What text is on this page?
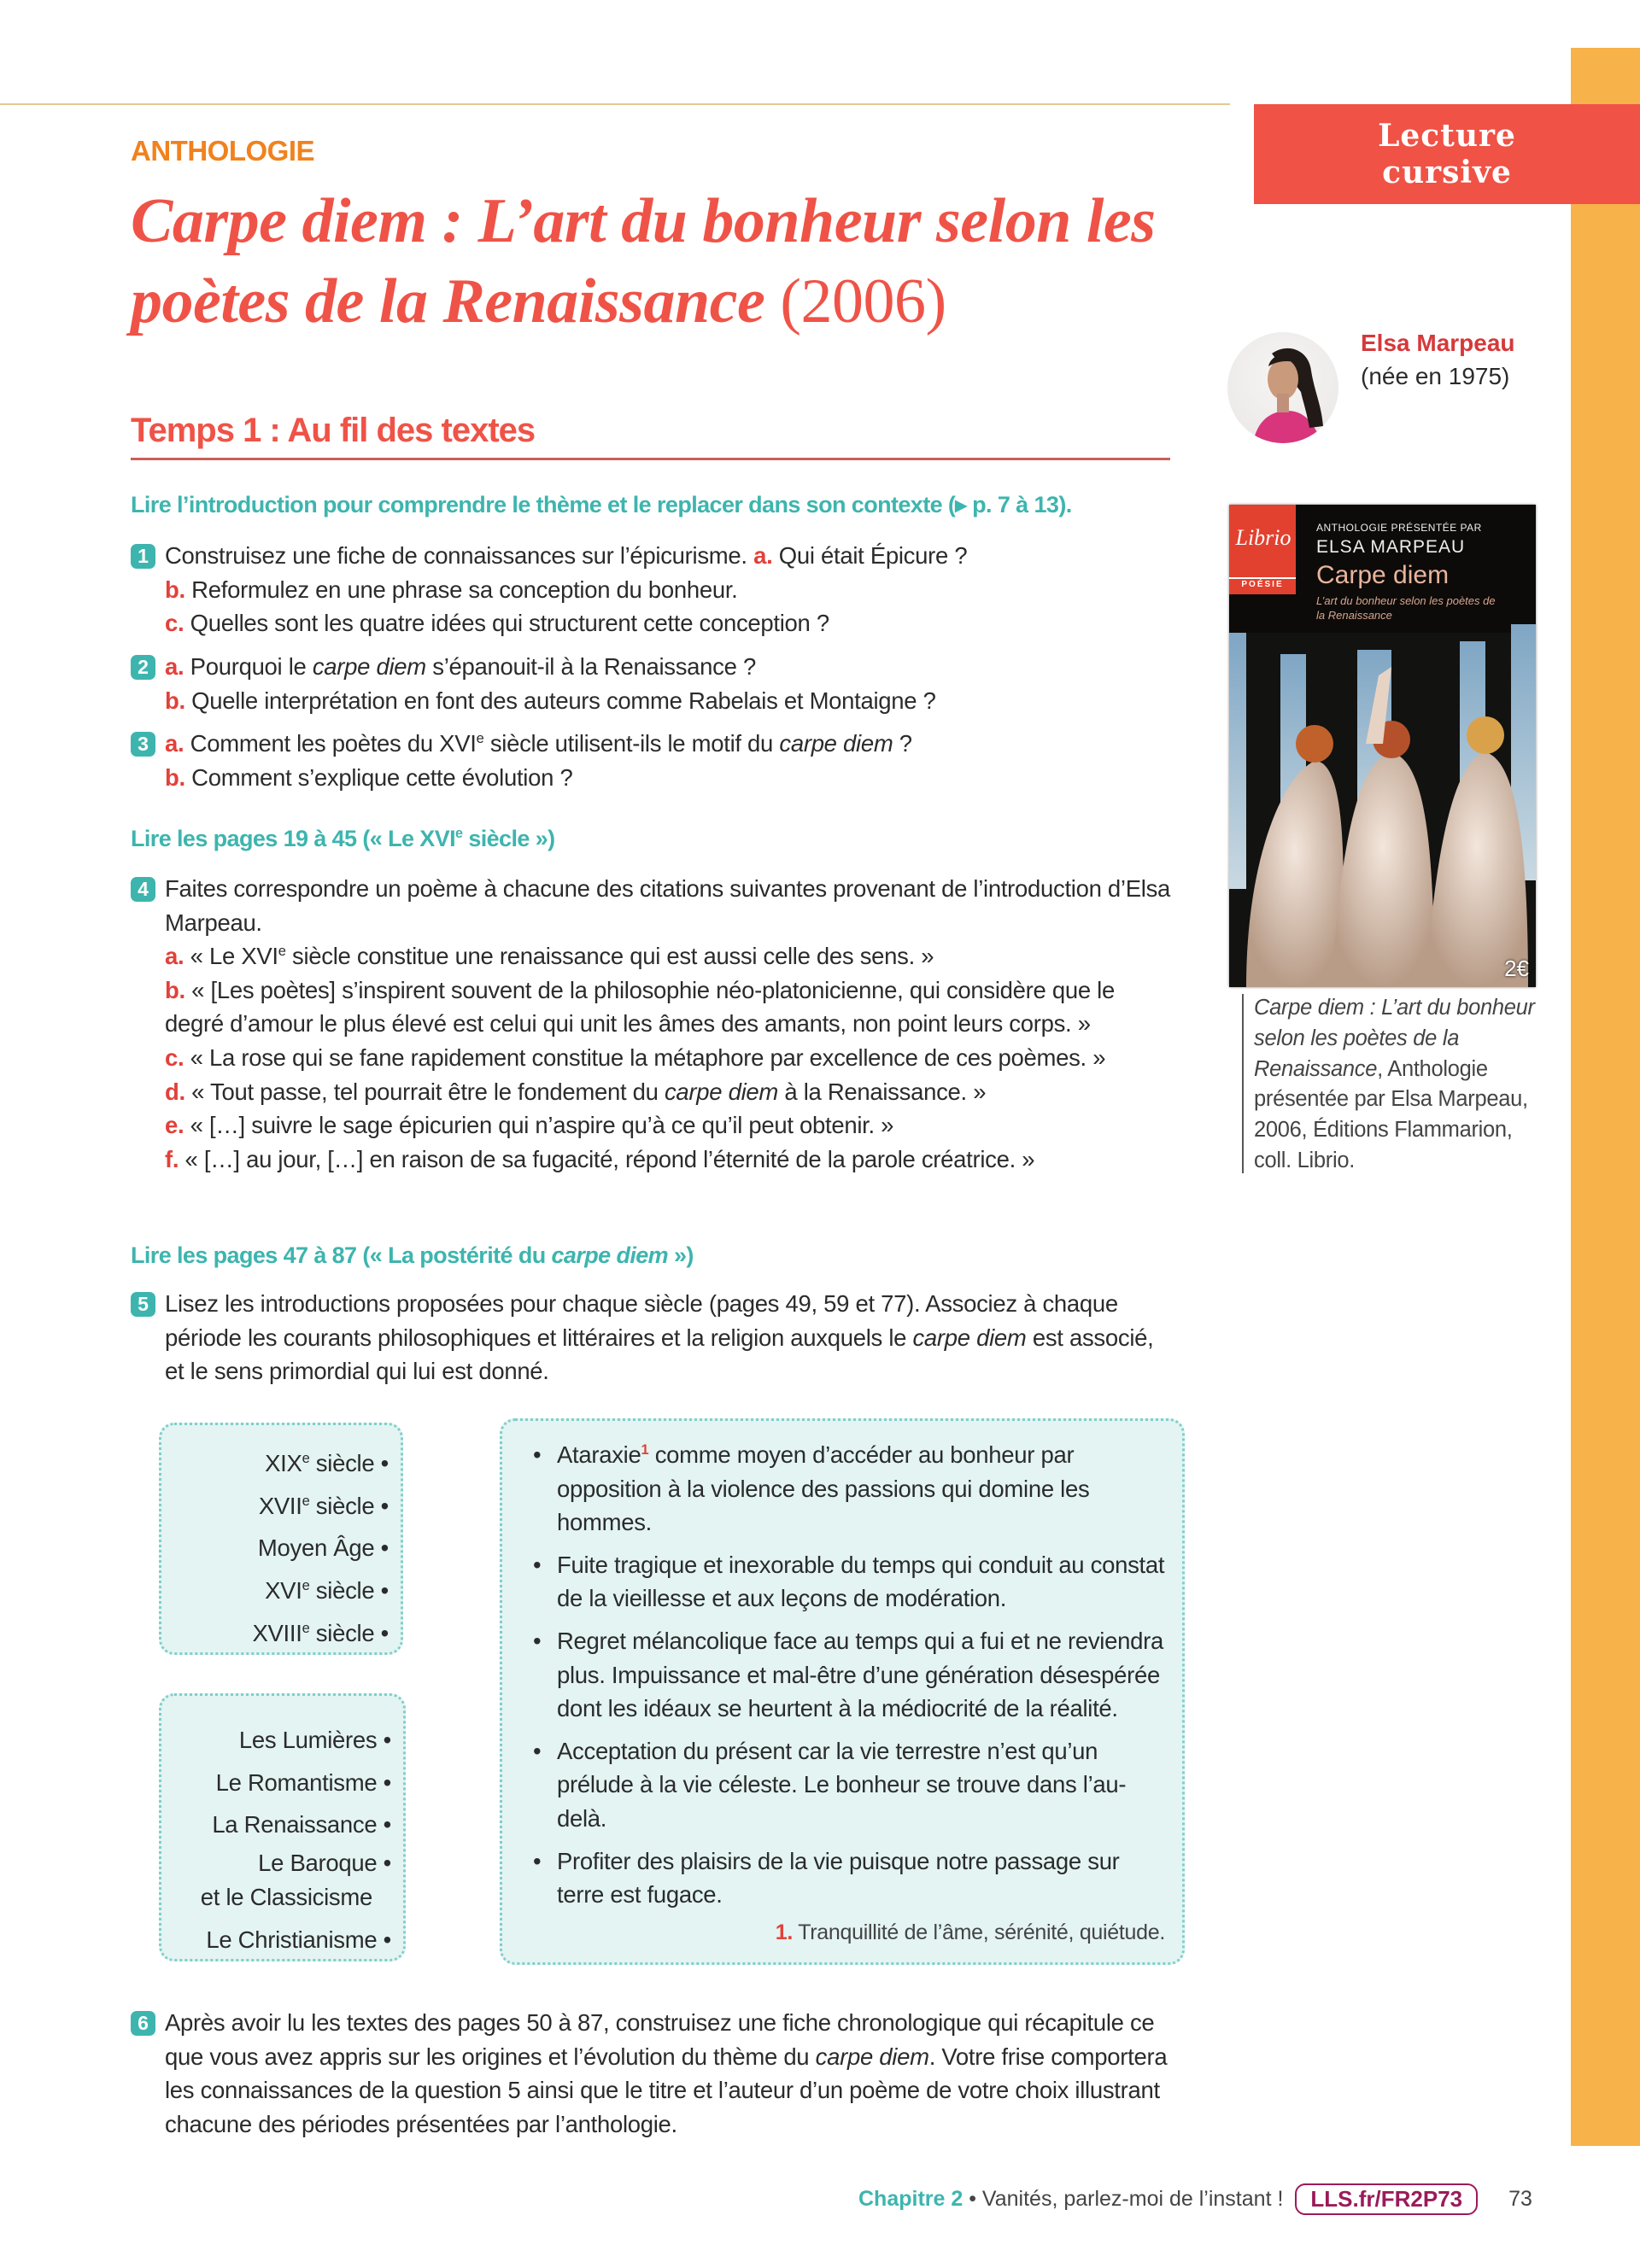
Lecture cursive
ANTHOLOGIE
Carpe diem : L’art du bonheur selon les poètes de la Renaissance (2006)
Temps 1 : Au fil des textes
Elsa Marpeau
(née en 1975)
Librio
POÉSIE
ANTHOLOGIE PRÉSENTÉE PAR
ELSA MARPEAU
Carpe diem
L’art du bonheur selon les poètes de la Renaissance
2€
Carpe diem : L’art du bonheur selon les poètes de la Renaissance, Anthologie présentée par Elsa Marpeau, 2006, Éditions Flammarion, coll. Librio.
Lire l’introduction pour comprendre le thème et le replacer dans son contexte (▸ p. 7 à 13).
Lire les pages 19 à 45 (« Le XVIe siècle »)
Lire les pages 47 à 87 (« La postérité du carpe diem »)
1 Construisez une fiche de connaissances sur l’épicurisme. a. Qui était Épicure ?
b. Reformulez en une phrase sa conception du bonheur.
c. Quelles sont les quatre idées qui structurent cette conception ?
2 a. Pourquoi le carpe diem s’épanouit-il à la Renaissance ?
b. Quelle interprétation en font des auteurs comme Rabelais et Montaigne ?
3 a. Comment les poètes du XVIe siècle utilisent-ils le motif du carpe diem ?
b. Comment s’explique cette évolution ?
4 Faites correspondre un poème à chacune des citations suivantes provenant de l’introduction d’Elsa Marpeau.
a. « Le XVIe siècle constitue une renaissance qui est aussi celle des sens. »
b. « [Les poètes] s’inspirent souvent de la philosophie néo-platonicienne, qui considère que le degré d’amour le plus élevé est celui qui unit les âmes des amants, non point leurs corps. »
c. « La rose qui se fane rapidement constitue la métaphore par excellence de ces poèmes. »
d. « Tout passe, tel pourrait être le fondement du carpe diem à la Renaissance. »
e. « […] suivre le sage épicurien qui n’aspire qu’à ce qu’il peut obtenir. »
f. « […] au jour, […] en raison de sa fugacité, répond l’éternité de la parole créatrice. »
5 Lisez les introductions proposées pour chaque siècle (pages 49, 59 et 77). Associez à chaque période les courants philosophiques et littéraires et la religion auxquels le carpe diem est associé, et le sens primordial qui lui est donné.
6 Après avoir lu les textes des pages 50 à 87, construisez une fiche chronologique qui récapitule ce que vous avez appris sur les origines et l’évolution du thème du carpe diem. Votre frise comportera les connaissances de la question 5 ainsi que le titre et l’auteur d’un poème de votre choix illustrant chacune des périodes présentées par l’anthologie.
XIXe siècle •
XVIIe siècle •
Moyen Âge •
XVIe siècle •
XVIIIe siècle •
Les Lumières •
Le Romantisme •
La Renaissance •
Le Baroque •
et le Classicisme
Le Christianisme •
• Ataraxie$^1$ comme moyen d’accéder au bonheur par opposition à la violence des passions qui domine les hommes.
• Fuite tragique et inexorable du temps qui conduit au constat de la vieillesse et aux leçons de modération.
• Regret mélancolique face au temps qui a fui et ne reviendra plus. Impuissance et mal-être d’une génération désespérée dont les idéaux se heurtent à la médiocrité de la réalité.
• Acceptation du présent car la vie terrestre n’est qu’un prélude à la vie céleste. Le bonheur se trouve dans l’au-delà.
• Profiter des plaisirs de la vie puisque notre passage sur terre est fugace.
1. Tranquillité de l’âme, sérénité, quiétude.
Chapitre 2 • Vanités, parlez-moi de l’instant !	LLS.fr/FR2P73	73
